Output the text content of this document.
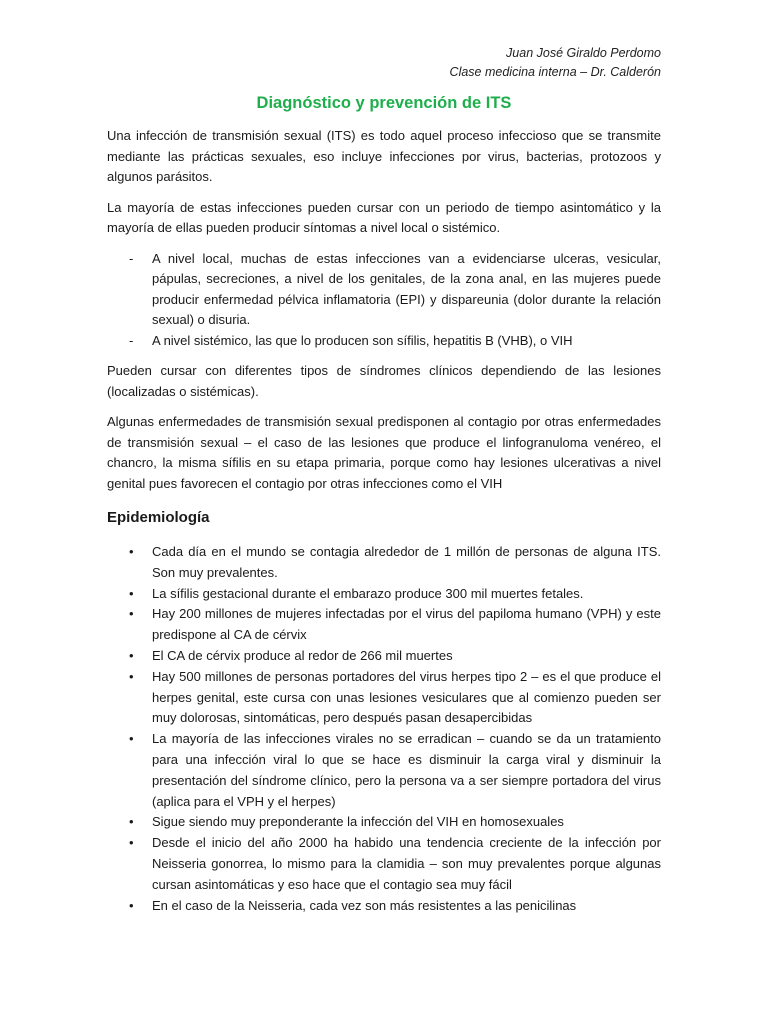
Juan José Giraldo Perdomo
Clase medicina interna – Dr. Calderón
Diagnóstico y prevención de ITS

Una infección de transmisión sexual (ITS) es todo aquel proceso infeccioso que se transmite mediante las prácticas sexuales, eso incluye infecciones por virus, bacterias, protozoos y algunos parásitos.

La mayoría de estas infecciones pueden cursar con un periodo de tiempo asintomático y la mayoría de ellas pueden producir síntomas a nivel local o sistémico.

- A nivel local, muchas de estas infecciones van a evidenciarse ulceras, vesicular, pápulas, secreciones, a nivel de los genitales, de la zona anal, en las mujeres puede producir enfermedad pélvica inflamatoria (EPI) y dispareunia (dolor durante la relación sexual) o disuria.
- A nivel sistémico, las que lo producen son sífilis, hepatitis B (VHB), o VIH

Pueden cursar con diferentes tipos de síndromes clínicos dependiendo de las lesiones (localizadas o sistémicas).

Algunas enfermedades de transmisión sexual predisponen al contagio por otras enfermedades de transmisión sexual – el caso de las lesiones que produce el linfogranuloma venéreo, el chancro, la misma sífilis en su etapa primaria, porque como hay lesiones ulcerativas a nivel genital pues favorecen el contagio por otras infecciones como el VIH

Epidemiología
• Cada día en el mundo se contagia alrededor de 1 millón de personas de alguna ITS. Son muy prevalentes.
• La sífilis gestacional durante el embarazo produce 300 mil muertes fetales.
• Hay 200 millones de mujeres infectadas por el virus del papiloma humano (VPH) y este predispone al CA de cérvix
• El CA de cérvix produce al redor de 266 mil muertes
• Hay 500 millones de personas portadores del virus herpes tipo 2 – es el que produce el herpes genital, este cursa con unas lesiones vesiculares que al comienzo pueden ser muy dolorosas, sintomáticas, pero después pasan desapercibidas
• La mayoría de las infecciones virales no se erradican – cuando se da un tratamiento para una infección viral lo que se hace es disminuir la carga viral y disminuir la presentación del síndrome clínico, pero la persona va a ser siempre portadora del virus (aplica para el VPH y el herpes)
• Sigue siendo muy preponderante la infección del VIH en homosexuales
• Desde el inicio del año 2000 ha habido una tendencia creciente de la infección por Neisseria gonorrea, lo mismo para la clamidia – son muy prevalentes porque algunas cursan asintomáticas y eso hace que el contagio sea muy fácil
• En el caso de la Neisseria, cada vez son más resistentes a las penicilinas
